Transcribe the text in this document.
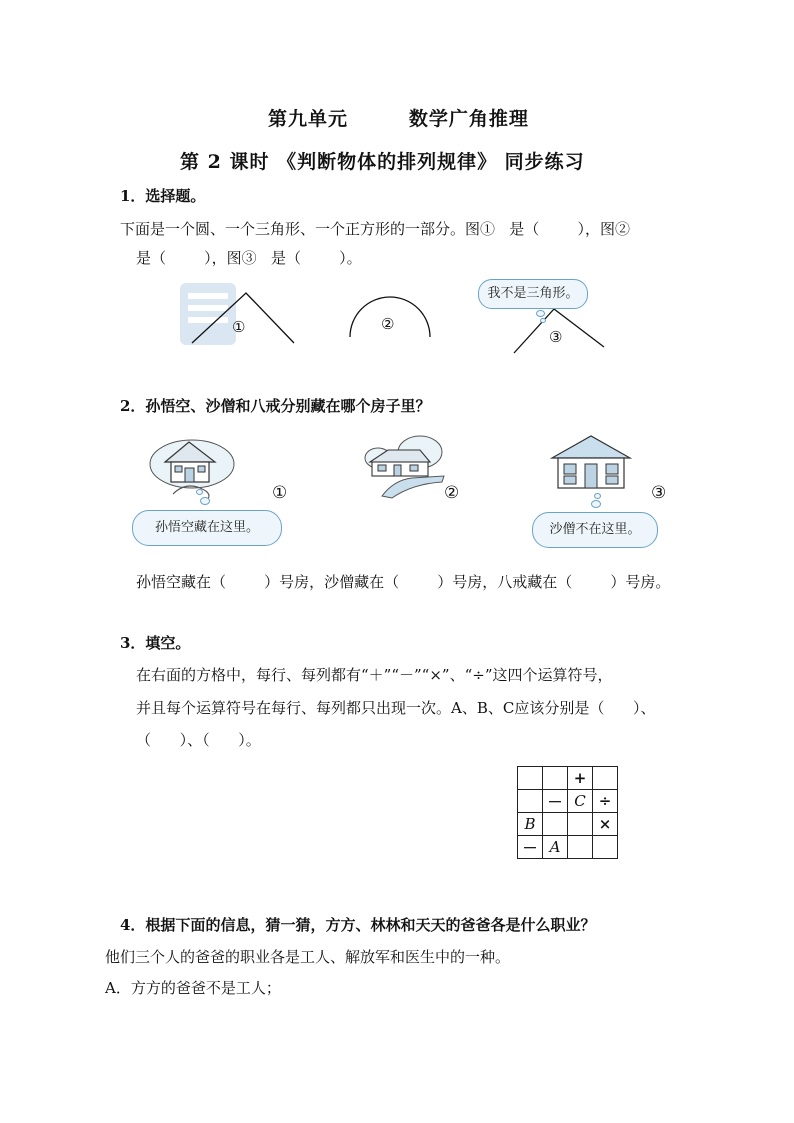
第九单元        数学广角推理
第 2 课时 《判断物体的排列规律》 同步练习
1．选择题。
下面是一个圆、一个三角形、一个正方形的一部分。图①   是（        ），图②
是（        ），图③   是（        ）。
①	②
③
我不是三角形。
2．孙悟空、沙僧和八戒分别藏在哪个房子里？
①	②	③
孙悟空藏在这里。	沙僧不在这里。
孙悟空藏在（        ）号房，沙僧藏在（        ）号房，八戒藏在（        ）号房。
3．填空。
在右面的方格中，每行、每列都有“＋”“－”“×”、“÷”这四个运算符号，
并且每个运算符号在每行、每列都只出现一次。A、B、C应该分别是（      ）、
（      ）、（      ）。
		+	
	－	C	÷
B			×
－	A		
4．根据下面的信息，猜一猜，方方、林林和天天的爸爸各是什么职业？
他们三个人的爸爸的职业各是工人、解放军和医生中的一种。
A．方方的爸爸不是工人；
